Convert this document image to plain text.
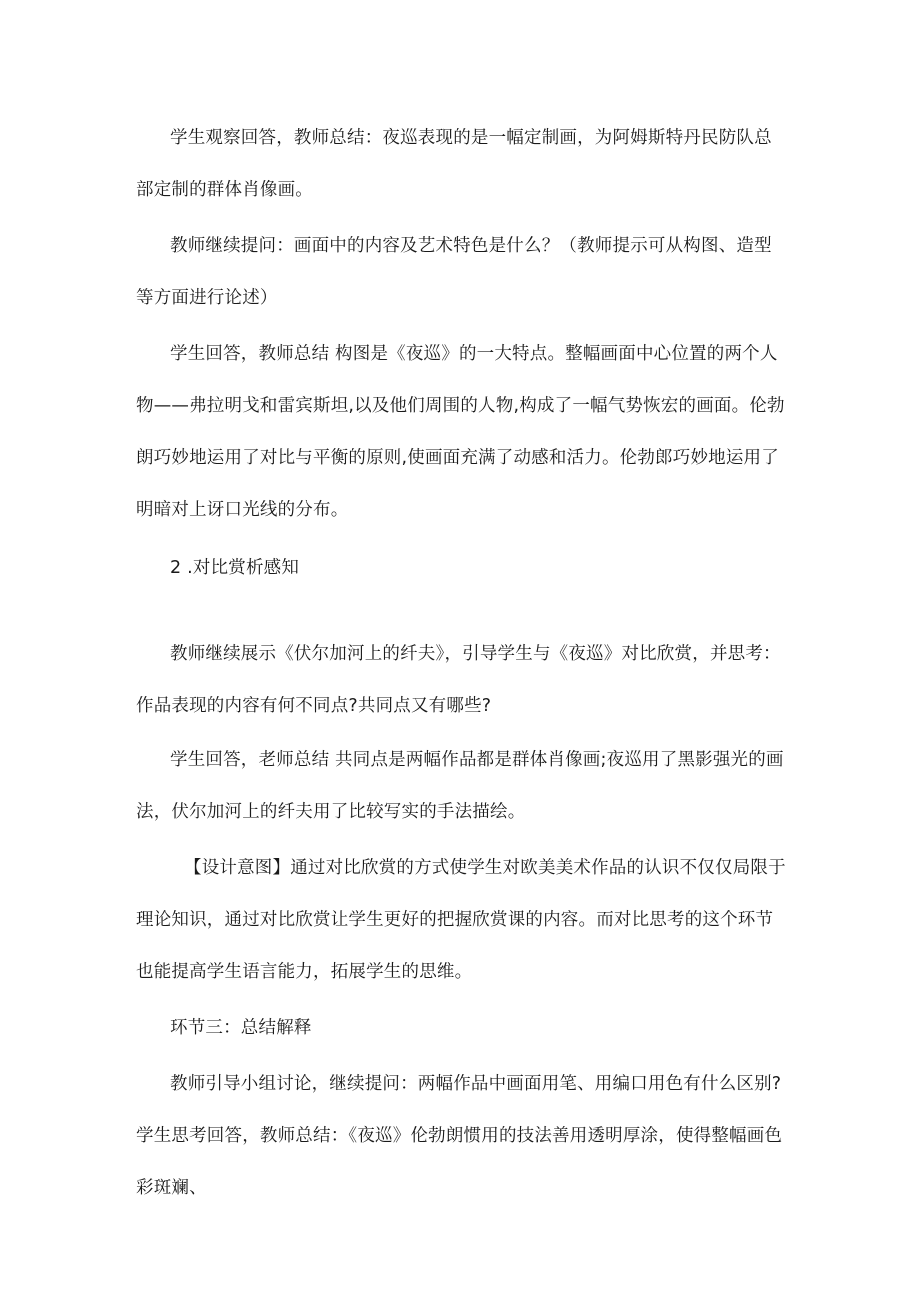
学生观察回答，教师总结：夜巡表现的是一幅定制画，为阿姆斯特丹民防队总部定制的群体肖像画。

教师继续提问：画面中的内容及艺术特色是什么？（教师提示可从构图、造型等方面进行论述）

学生回答，教师总结 构图是《夜巡》的一大特点。整幅画面中心位置的两个人物——弗拉明戈和雷宾斯坦,以及他们周围的人物,构成了一幅气势恢宏的画面。伦勃朗巧妙地运用了对比与平衡的原则,使画面充满了动感和活力。伦勃郎巧妙地运用了明暗对上讶口光线的分布。

2 .对比赏析感知

教师继续展示《伏尔加河上的纤夫》，引导学生与《夜巡》对比欣赏，并思考：作品表现的内容有何不同点?共同点又有哪些?

学生回答，老师总结 共同点是两幅作品都是群体肖像画;夜巡用了黑影强光的画法，伏尔加河上的纤夫用了比较写实的手法描绘。

【设计意图】通过对比欣赏的方式使学生对欧美美术作品的认识不仅仅局限于理论知识，通过对比欣赏让学生更好的把握欣赏课的内容。而对比思考的这个环节也能提高学生语言能力，拓展学生的思维。

环节三：总结解释

教师引导小组讨论，继续提问：两幅作品中画面用笔、用编口用色有什么区别?学生思考回答，教师总结：《夜巡》伦勃朗惯用的技法善用透明厚涂，使得整幅画色彩斑斓、
